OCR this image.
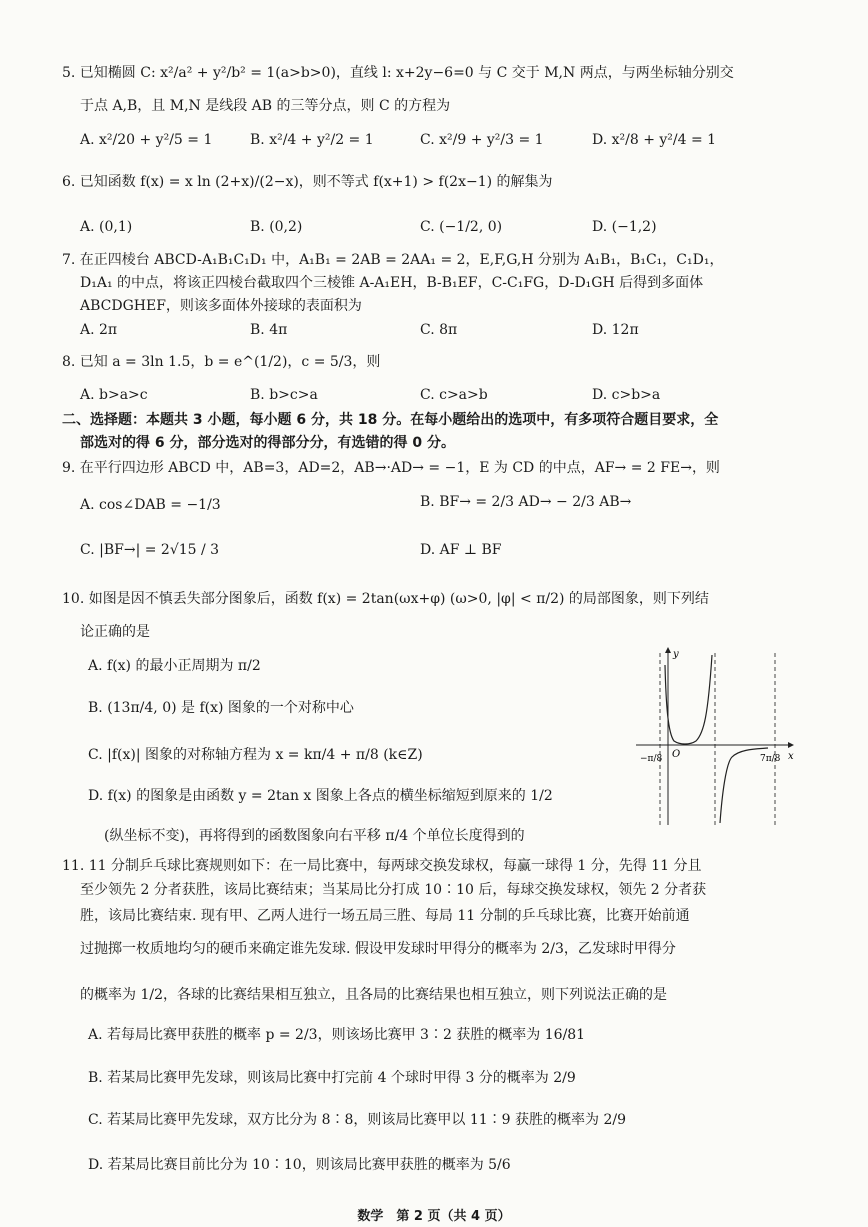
5. 已知椭圆 C: x²/a² + y²/b² = 1(a>b>0)，直线 l: x+2y−6=0 与 C 交于 M,N 两点，与两坐标轴分别交
于点 A,B，且 M,N 是线段 AB 的三等分点，则 C 的方程为
A. x²/20 + y²/5 = 1	B. x²/4 + y²/2 = 1	C. x²/9 + y²/3 = 1	D. x²/8 + y²/4 = 1
6. 已知函数 f(x) = x ln (2+x)/(2−x)，则不等式 f(x+1) > f(2x−1) 的解集为
A. (0,1)	B. (0,2)	C. (−1/2, 0)	D. (−1,2)
7. 在正四棱台 ABCD-A₁B₁C₁D₁ 中，A₁B₁ = 2AB = 2AA₁ = 2，E,F,G,H 分别为 A₁B₁，B₁C₁，C₁D₁，
D₁A₁ 的中点，将该正四棱台截取四个三棱锥 A-A₁EH，B-B₁EF，C-C₁FG，D-D₁GH 后得到多面体
ABCDGHEF，则该多面体外接球的表面积为
A. 2π	B. 4π	C. 8π	D. 12π
8. 已知 a = 3ln 1.5，b = e^(1/2)，c = 5/3，则
A. b>a>c	B. b>c>a	C. c>a>b	D. c>b>a
二、选择题：本题共 3 小题，每小题 6 分，共 18 分。在每小题给出的选项中，有多项符合题目要求，全
部选对的得 6 分，部分选对的得部分分，有选错的得 0 分。
9. 在平行四边形 ABCD 中，AB=3，AD=2，AB→·AD→ = −1，E 为 CD 的中点，AF→ = 2 FE→，则
A. cos∠DAB = −1/3	B. BF→ = 2/3 AD→ − 2/3 AB→
C. |BF→| = 2√15 / 3	D. AF ⊥ BF
10. 如图是因不慎丢失部分图象后，函数 f(x) = 2tan(ωx+φ) (ω>0, |φ| < π/2) 的局部图象，则下列结
论正确的是
A. f(x) 的最小正周期为 π/2
B. (13π/4, 0) 是 f(x) 图象的一个对称中心
C. |f(x)| 图象的对称轴方程为 x = kπ/4 + π/8 (k∈Z)
D. f(x) 的图象是由函数 y = 2tan x 图象上各点的横坐标缩短到原来的 1/2
(纵坐标不变)，再将得到的函数图象向右平移 π/4 个单位长度得到的
y
x
O
−π/8	7π/8
11. 11 分制乒乓球比赛规则如下：在一局比赛中，每两球交换发球权，每赢一球得 1 分，先得 11 分且
至少领先 2 分者获胜，该局比赛结束；当某局比分打成 10∶10 后，每球交换发球权，领先 2 分者获
胜，该局比赛结束. 现有甲、乙两人进行一场五局三胜、每局 11 分制的乒乓球比赛，比赛开始前通
过抛掷一枚质地均匀的硬币来确定谁先发球. 假设甲发球时甲得分的概率为 2/3，乙发球时甲得分
的概率为 1/2，各球的比赛结果相互独立，且各局的比赛结果也相互独立，则下列说法正确的是
A. 若每局比赛甲获胜的概率 p = 2/3，则该场比赛甲 3∶2 获胜的概率为 16/81
B. 若某局比赛甲先发球，则该局比赛中打完前 4 个球时甲得 3 分的概率为 2/9
C. 若某局比赛甲先发球，双方比分为 8∶8，则该局比赛甲以 11∶9 获胜的概率为 2/9
D. 若某局比赛目前比分为 10∶10，则该局比赛甲获胜的概率为 5/6
数学　第 2 页（共 4 页）
